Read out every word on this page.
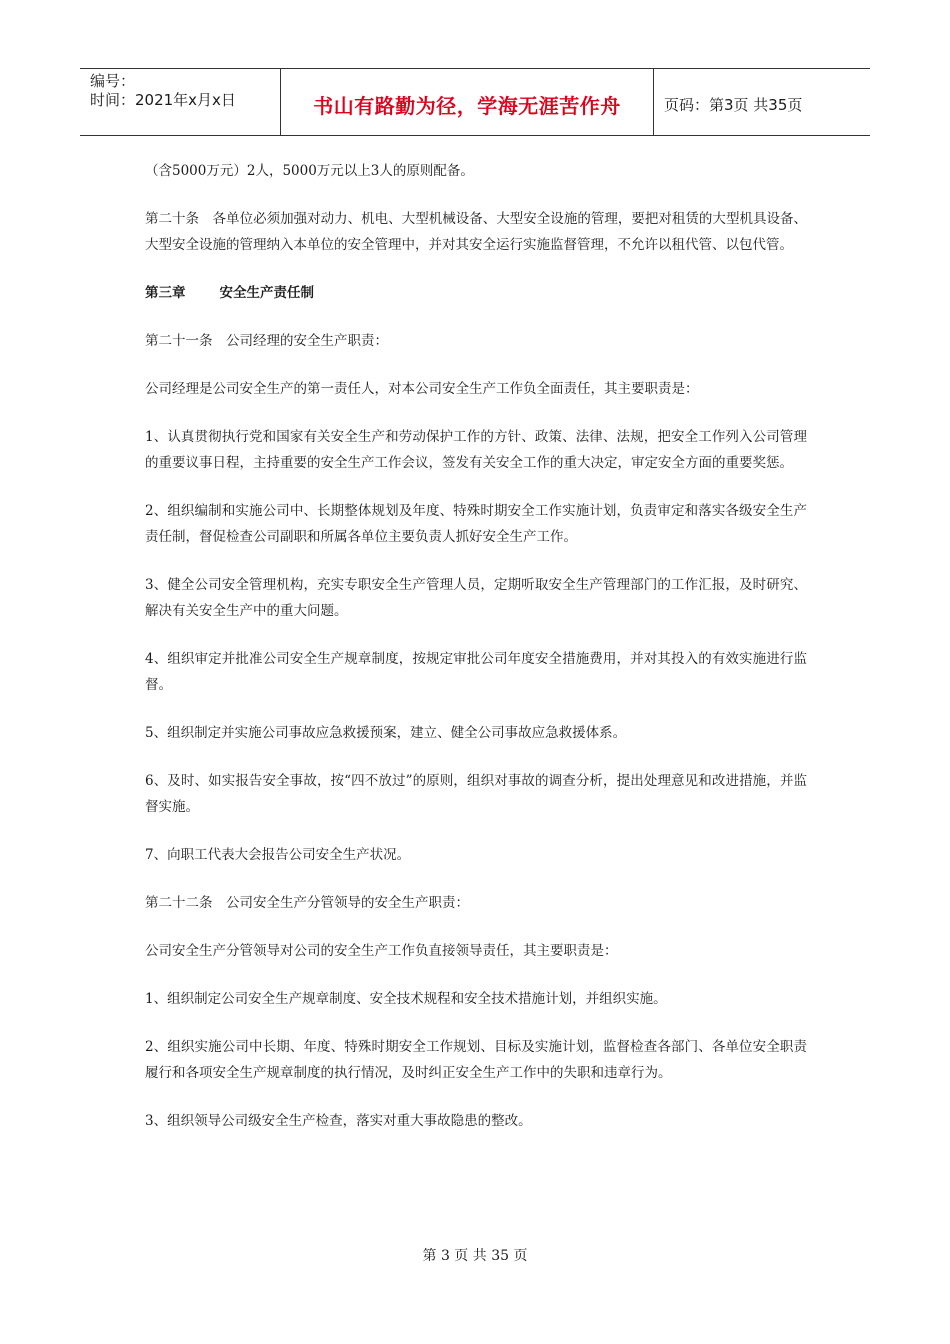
编号：
时间：2021年x月x日	书山有路勤为径，学海无涯苦作舟	页码：第3页 共35页

（含5000万元）2人，5000万元以上3人的原则配备。

第二十条　各单位必须加强对动力、机电、大型机械设备、大型安全设施的管理，要把对租赁的大型机具设备、大型安全设施的管理纳入本单位的安全管理中，并对其安全运行实施监督管理，不允许以租代管、以包代管。

第三章	安全生产责任制

第二十一条　公司经理的安全生产职责：

公司经理是公司安全生产的第一责任人，对本公司安全生产工作负全面责任，其主要职责是：

1、认真贯彻执行党和国家有关安全生产和劳动保护工作的方针、政策、法律、法规，把安全工作列入公司管理的重要议事日程，主持重要的安全生产工作会议，签发有关安全工作的重大决定，审定安全方面的重要奖惩。

2、组织编制和实施公司中、长期整体规划及年度、特殊时期安全工作实施计划，负责审定和落实各级安全生产责任制，督促检查公司副职和所属各单位主要负责人抓好安全生产工作。

3、健全公司安全管理机构，充实专职安全生产管理人员，定期听取安全生产管理部门的工作汇报，及时研究、解决有关安全生产中的重大问题。

4、组织审定并批准公司安全生产规章制度，按规定审批公司年度安全措施费用，并对其投入的有效实施进行监督。

5、组织制定并实施公司事故应急救援预案，建立、健全公司事故应急救援体系。

6、及时、如实报告安全事故，按“四不放过”的原则，组织对事故的调查分析，提出处理意见和改进措施，并监督实施。

7、向职工代表大会报告公司安全生产状况。

第二十二条　公司安全生产分管领导的安全生产职责：

公司安全生产分管领导对公司的安全生产工作负直接领导责任，其主要职责是：

1、组织制定公司安全生产规章制度、安全技术规程和安全技术措施计划，并组织实施。

2、组织实施公司中长期、年度、特殊时期安全工作规划、目标及实施计划，监督检查各部门、各单位安全职责履行和各项安全生产规章制度的执行情况，及时纠正安全生产工作中的失职和违章行为。

3、组织领导公司级安全生产检查，落实对重大事故隐患的整改。

第 3 页 共 35 页
